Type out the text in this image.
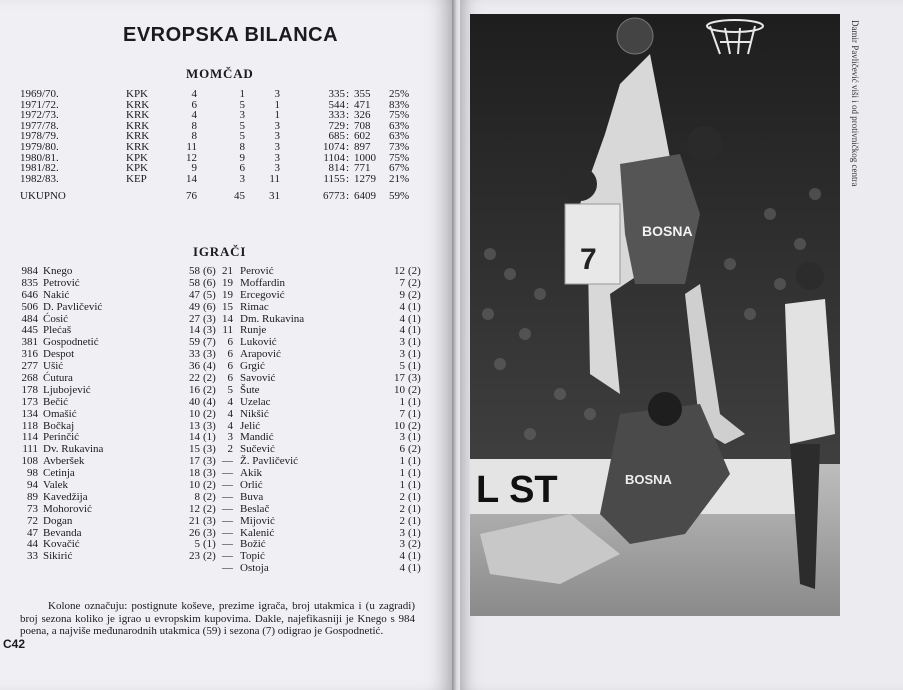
EVROPSKA BILANCA
MOMČAD
1969/70.	KPK	4	1	3	335 : 355 25%
1971/72.	KRK	6	5	1	544 : 471 83%
1972/73.	KRK	4	3	1	333 : 326 75%
1977/78.	KRK	8	5	3	729 : 708 63%
1978/79.	KRK	8	5	3	685 : 602 63%
1979/80.	KRK	11	8	3	1074 : 897 73%
1980/81.	KPK	12	9	3	1104 : 1000 75%
1981/82.	KPK	9	6	3	814 : 771 67%
1982/83.	KEP	14	3	11	1155 : 1279 21%
UKUPNO	76	45 31	6773 : 6409 59%
IGRAČI
984 Knego	58 (6)
835 Petrović	58 (6)
646 Nakić	47 (5)
506 D. Pavličević	49 (6)
484 Ćosić	27 (3)
445 Plećaš	14 (3)
381 Gospodnetić	59 (7)
316 Despot	33 (3)
277 Ušić	36 (4)
268 Ćutura	22 (2)
178 Ljubojević	16 (2)
173 Bečić	40 (4)
134 Omašić	10 (2)
118 Bočkaj	13 (3)
114 Perinčić	14 (1)
111 Dv. Rukavina	15 (3)
108 Avberšek	17 (3)
98 Cetinja	18 (3)
94 Valek	10 (2)
89 Kavedžija	8 (2)
73 Mohorović	12 (2)
72 Dogan	21 (3)
47 Bevanda	26 (3)
44 Kovačić	5 (1)
33 Sikirić	23 (2)
21 Perović	12 (2)
19 Moffardin	7 (2)
19 Ercegović	9 (2)
15 Rimac	4 (1)
14 Dm. Rukavina	4 (1)
11 Runje	4 (1)
6 Luković	3 (1)
6 Arapović	3 (1)
6 Grgić	5 (1)
6 Savović	17 (3)
5 Šute	10 (2)
4 Uzelac	1 (1)
4 Nikšić	7 (1)
4 Jelić	10 (2)
3 Mandić	3 (1)
2 Sučević	6 (2)
— Ž. Pavličević	1 (1)
— Akik	1 (1)
— Orlić	1 (1)
— Buva	2 (1)
— Beslač	2 (1)
— Mijović	2 (1)
— Kalenić	3 (1)
— Božić	3 (2)
— Topić	4 (1)
— Ostoja	4 (1)

Kolone označuju: postignute koševe, prezime igrača, broj utakmica i (u zagradi) broj sezona koliko je igrao u evropskim kupovima. Dakle, najefikasniji je Knego s 984 poena, a najviše međunarodnih utakmica (59) i sezona (7) odigrao je Gospodnetić.

C42
L ST
7
BOSNA
BOSNA
Damir Pavličević viši i od protivničkog centra
